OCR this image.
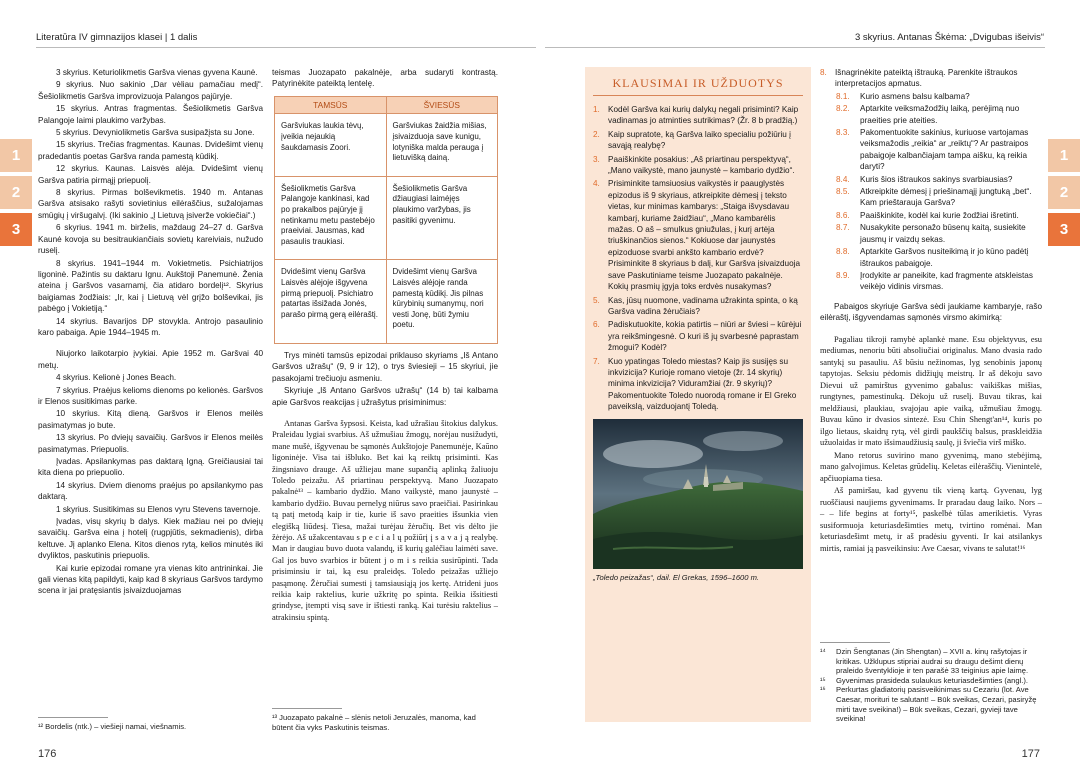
Literatūra IV gimnazijos klasei | 1 dalis	3 skyrius. Antanas Škėma: „Dvigubas išeivis“
1
2
3
1
2
3

3 skyrius. Keturiolikmetis Garšva vienas gyvena Kaunė.

9 skyrius. Nuo sakinio „Dar vėliau pamačiau medį“. Šešiolikmetis Garšva improvizuoja Palangos pajūryje.

15 skyrius. Antras fragmentas. Šešiolikmetis Garšva Palangoje laimi plaukimo varžybas.

5 skyrius. Devyniolikmetis Garšva susipažįsta su Jone.

15 skyrius. Trečias fragmentas. Kaunas. Dvidešimt vienų pradedantis poetas Garšva randa pamestą kūdikį.

12 skyrius. Kaunas. Laisvės alėja. Dvidešimt vienų Garšva patiria pirmąjį priepuolį.

8 skyrius. Pirmas bolševikmetis. 1940 m. Antanas Garšva atsisako rašyti sovietinius eilėraščius, sužalojamas smūgių į viršugalvį. (Iki sakinio „Į Lietuvą įsiverže vokiečiai“.)

6 skyrius. 1941 m. birželis, maždaug 24–27 d. Garšva Kaunė kovoja su besitraukiančiais sovietų kareiviais, nužudo ruselį.

8 skyrius. 1941–1944 m. Vokietmetis. Psichiatrijos ligoninė. Pažintis su daktaru Ignu. Aukštoji Panemunė. Ženia ateina į Garšvos vasarnamį, čia atidaro bordelį¹². Skyrius baigiamas žodžiais: „Ir, kai į Lietuvą vėl grįžo bolševikai, jis pabėgo į Vokietiją.“

14 skyrius. Bavarijos DP stovykla. Antrojo pasaulinio karo pabaiga. Apie 1944–1945 m.

Niujorko laikotarpio įvykiai. Apie 1952 m. Garšvai 40 metų.

4 skyrius. Kelionė į Jones Beach.

7 skyrius. Praėjus kelioms dienoms po kelionės. Garšvos ir Elenos susitikimas parke.

10 skyrius. Kitą dieną. Garšvos ir Elenos meilės pasimatymas jo bute.

13 skyrius. Po dviejų savaičių. Garšvos ir Elenos meilės pasimatymas. Priepuolis.

Įvadas. Apsilankymas pas daktarą Igną. Greičiausiai tai kita diena po priepuolio.

14 skyrius. Dviem dienoms praėjus po apsilankymo pas daktarą.

1 skyrius. Susitikimas su Elenos vyru Stevens tavernoje.

Įvadas, visų skyrių b dalys. Kiek mažiau nei po dviejų savaičių. Garšva eina į hotelį (rugpjūtis, sekmadienis), dirba keltuve. Jį aplanko Elena. Kitos dienos rytą, kelios minutės iki dvyliktos, paskutinis priepuolis.

Kai kurie epizodai romane yra vienas kito antrininkai. Jie gali vienas kitą papildyti, kaip kad 8 skyriaus Garšvos tardymo scena ir jai pratęsiantis įsivaizduojamas

¹² Bordelis (ntk.) – viešieji namai, viešnamis.

teismas Juozapato pakalnėje, arba sudaryti kontrastą. Patyrinėkite pateiktą lentelę.

TAMSŪS	ŠVIESŪS
Garšviukas laukia tėvų, įveikia nejaukią šaukdamasis Zoori.	Garšviukas žaidžia mišias, įsivaizduoja save kunigu, lotyniška malda perauga į lietuvišką dainą.
Šešiolikmetis Garšva Palangoje kankinasi, kad po prakalbos pajūryje jį netinkamu metu pastebėjo praeiviai. Jausmas, kad pasaulis traukiasi.	Šešiolikmetis Garšva džiaugiasi laimėjęs plaukimo varžybas, jis pasitiki gyvenimu.
Dvidešimt vienų Garšva Laisvės alėjoje išgyvena pirmą priepuolį. Psichiatro patartas išsižada Jonės, parašo pirmą gerą eilėraštį.	Dvidešimt vienų Garšva Laisvės alėjoje randa pamestą kūdikį. Jis pilnas kūrybinių sumanymų, nori vesti Jonę, būti žymiu poetu.

Trys minėti tamsūs epizodai priklauso skyriams „Iš Antano Garšvos užrašų“ (9, 9 ir 12), o trys šviesieji – 15 skyriui, jie pasakojami trečiuoju asmeniu.

Skyriuje „Iš Antano Garšvos užrašų“ (14 b) tai kalbama apie Garšvos reakcijas į užrašytus prisiminimus:

Antanas Garšva šypsosi. Keista, kad užrašiau šitokius dalykus. Praleidau lygiai svarbius. Aš užmušiau žmogų, norėjau nusižudyti, mane mušė, išgyvenau be sąmonės Aukštojoje Panemunėje, Kaūno ligoninėje. Visa tai išbluko. Bet kai ką reiktų prisiminti. Kas žingsniavo drauge. Aš užliejau mane supančią aplinką žaliuoju Toledo peizažu. Aš priartinau perspektyvą. Mano Juozapato pakalnė¹³ – kambario dydžio. Mano vaikystė, mano jaunystė – kambario dydžio. Buvau pernelyg niūrus savo praeičiai. Pasirinkau tą patį metodą kaip ir tie, kurie iš savo praeities išsunkia vien elegišką liūdesį. Tiesa, mažai turėjau žėručių. Bet vis dėlto jie žėrėjo. Aš užakcentavau s p e c i a l ų požiūrį į s a v a j ą realybę. Man ir daugiau buvo duota valandų, iš kurių galėčiau laimėti save. Gal jos buvo svarbios ir būtent j o m i s reikia susirūpinti. Tada prisiminsiu ir tai, ką esu praleidęs. Toledo peizažas užliejo pasąmonę. Žėručiai sumesti į tamsiausiąją jos kertę. Atrideni juos reikia kaip raktelius, kurie užkritę po spinta. Reikia išsitiesti grindyse, įtempti visą save ir ištiesti ranką. Kai turėsiu raktelius – atrakinsiu spintą.

¹³ Juozapato pakalnė – slėnis netoli Jeruzalės, manoma, kad būtent čia vyks Paskutinis teismas.
176
KLAUSIMAI IR UŽDUOTYS
1. Kodėl Garšva kai kurių dalykų negali prisiminti? Kaip vadinamas jo atminties sutrikimas? (Žr. 8 b pradžią.)
2. Kaip supratote, ką Garšva laiko specialiu požiūriu į savąją realybę?
3. Paaiškinkite posakius: „Aš priartinau perspektyvą“, „Mano vaikystė, mano jaunystė – kambario dydžio“.
4. Prisiminkite tamsiuosius vaikystės ir paauglystės epizodus iš 9 skyriaus, atkreipkite dėmesį į teksto vietas, kur minimas kambarys: „Staiga išvysdavau kambarį, kuriame žaidžiau“, „Mano kambarėlis mažas. O aš – smulkus gniužulas, į kurį artėja triuškinančios sienos.“ Kokiuose dar jaunystės epizoduose svarbi ankšto kambario erdvė? Prisiminkite 8 skyriaus b dalį, kur Garšva įsivaizduoja save Paskutiniame teisme Juozapato pakalnėje. Kokių prasmių įgyja toks erdvės nusakymas?
5. Kas, jūsų nuomone, vadinama užrakinta spinta, o ką Garšva vadina žėručiais?
6. Padiskutuokite, kokia patirtis – niūri ar šviesi – kūrėjui yra reikšmingesnė. O kuri iš jų svarbesnė paprastam žmogui? Kodėl?
7. Kuo ypatingas Toledo miestas? Kaip jis susijęs su inkvizicija? Kurioje romano vietoje (žr. 14 skyrių) minima inkvizicija? Viduramžiai (žr. 9 skyrių)? Pakomentuokite Toledo nuorodą romane ir El Greko paveikslą, vaizduojantį Toledą.
„Toledo peizažas“, dail. El Grekas, 1596–1600 m.
8. Išnagrinėkite pateiktą ištrauką. Parenkite ištraukos interpretacijos apmatus.
8.1.	Kurio asmens balsu kalbama?
8.2.	Aptarkite veiksmažodžių laiką, perėjimą nuo praeities prie ateities.
8.3.	Pakomentuokite sakinius, kuriuose vartojamas veiksmažodis „reikia“ ar „reiktų“? Ar pastraipos pabaigoje kalbančiajam tampa aišku, ką reikia daryti?
8.4.	Kuris šios ištraukos sakinys svarbiausias?
8.5.	Atkreipkite dėmesį į priešinamąjį jungtuką „bet“. Kam prieštarauja Garšva?
8.6.	Paaiškinkite, kodėl kai kurie žodžiai išretinti.
8.7.	Nusakykite personažo būsenų kaitą, susiekite jausmų ir vaizdų sekas.
8.8.	Aptarkite Garšvos nusiteikimą ir jo kūno padėtį ištraukos pabaigoje.
8.9.	Įrodykite ar paneikite, kad fragmente atskleistas veikėjo vidinis virsmas.

Pabaigos skyriuje Garšva sėdi jaukiame kambaryje, rašo eilėraštį, išgyvendamas sąmonės virsmo akimirką:

Pagaliau tikroji ramybė aplankė mane. Esu objektyvus, esu mediumas, nenoriu būti absoliučiai originalus. Mano dvasia rado santykį su pasauliu. Aš būsiu nežinomas, lyg senobinis japonų tapytojas. Seksiu pėdomis didžiųjų meistrų. Ir aš dėkoju savo Dievui už pamirštus gyvenimo gabalus: vaikiškas mišias, rungtynes, pamestinuką. Dėkoju už ruselį. Buvau tikras, kai meldžiausi, plaukiau, svajojau apie vaiką, užmušiau žmogų. Buvau kūno ir dvasios sintezė. Esu Chin Shengt'an¹⁴, kuris po ilgo lietaus, skaidrų rytą, vėl girdi paukščių balsus, praskleidžia užuolaidas ir mato išsimaudžiusią saulę, ji šviečia virš miško.

Mano retorus suvirino mano gyvenimą, mano stebėjimą, mano galvojimus. Keletas grūdelių. Keletas eilėraščių. Vienintelė, apčiuopiama tiesa.

Aš pamiršau, kad gyvenu tik vieną kartą. Gyvenau, lyg ruoščiausi naujiems gyvenimams. Ir praradau daug laiko. Nors – – – life begins at forty¹⁵, paskelbė tūlas amerikietis. Vyras susiformuoja keturiasdešimties metų, tvirtino romėnai. Man keturiasdešimt metų, ir aš pradėsiu gyventi. Ir kai atsilankys mirtis, ramiai ją pasveikinsiu: Ave Caesar, vivans te salutat!¹⁶

¹⁴	Dzin Šengtanas (Jin Shengtan) – XVII a. kinų rašytojas ir kritikas. Užklupus stipriai audrai su draugu dešimt dienų praleido šventyklioje ir ten parašė 33 teiginius apie laimę.
¹⁵	Gyvenimas prasideda sulaukus keturiasdešimties (angl.).
¹⁶	Perkurtas gladiatorių pasisveikinimas su Cezariu (lot. Ave Caesar, morituri te salutant! – Būk sveikas, Cezari, pasiryžę mirti tave sveikina!) – Būk sveikas, Cezari, gyvieji tave sveikina!
177
